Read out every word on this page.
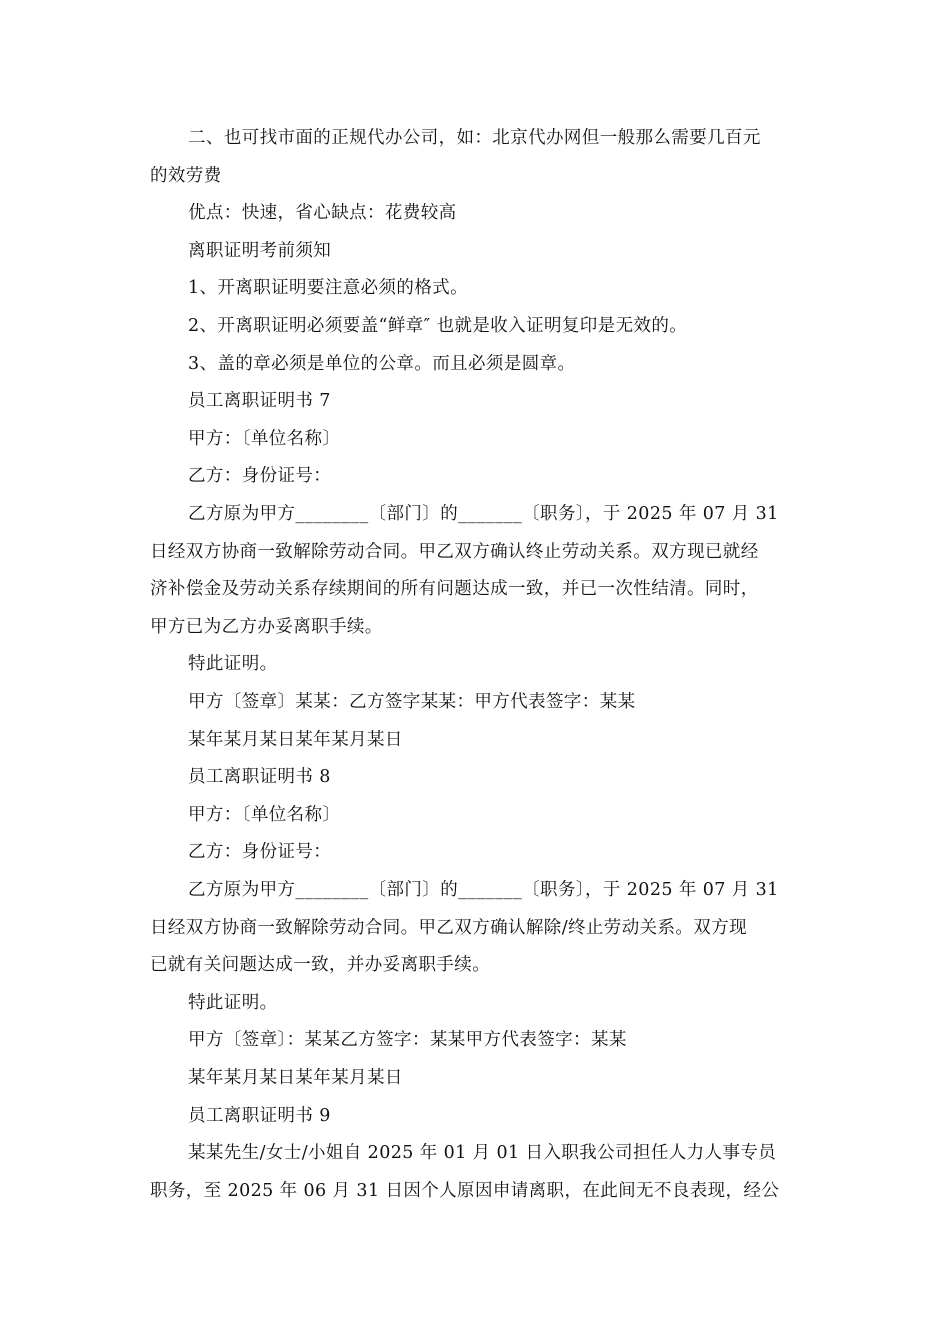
二、也可找市面的正规代办公司，如：北京代办网但一般那么需要几百元
的效劳费
优点：快速，省心缺点：花费较高
离职证明考前须知
1、开离职证明要注意必须的格式。
2、开离职证明必须要盖“鲜章″ 也就是收入证明复印是无效的。
3、盖的章必须是单位的公章。而且必须是圆章。
员工离职证明书 7
甲方：〔单位名称〕
乙方：身份证号：
乙方原为甲方________〔部门〕的_______〔职务〕，于 2025 年 07 月 31
日经双方协商一致解除劳动合同。甲乙双方确认终止劳动关系。双方现已就经
济补偿金及劳动关系存续期间的所有问题达成一致，并已一次性结清。同时，
甲方已为乙方办妥离职手续。
特此证明。
甲方〔签章〕某某：乙方签字某某：甲方代表签字：某某
某年某月某日某年某月某日
员工离职证明书 8
甲方：〔单位名称〕
乙方：身份证号：
乙方原为甲方________〔部门〕的_______〔职务〕，于 2025 年 07 月 31
日经双方协商一致解除劳动合同。甲乙双方确认解除/终止劳动关系。双方现
已就有关问题达成一致，并办妥离职手续。
特此证明。
甲方〔签章〕：某某乙方签字：某某甲方代表签字：某某
某年某月某日某年某月某日
员工离职证明书 9
某某先生/女士/小姐自 2025 年 01 月 01 日入职我公司担任人力人事专员
职务，至 2025 年 06 月 31 日因个人原因申请离职，在此间无不良表现，经公
